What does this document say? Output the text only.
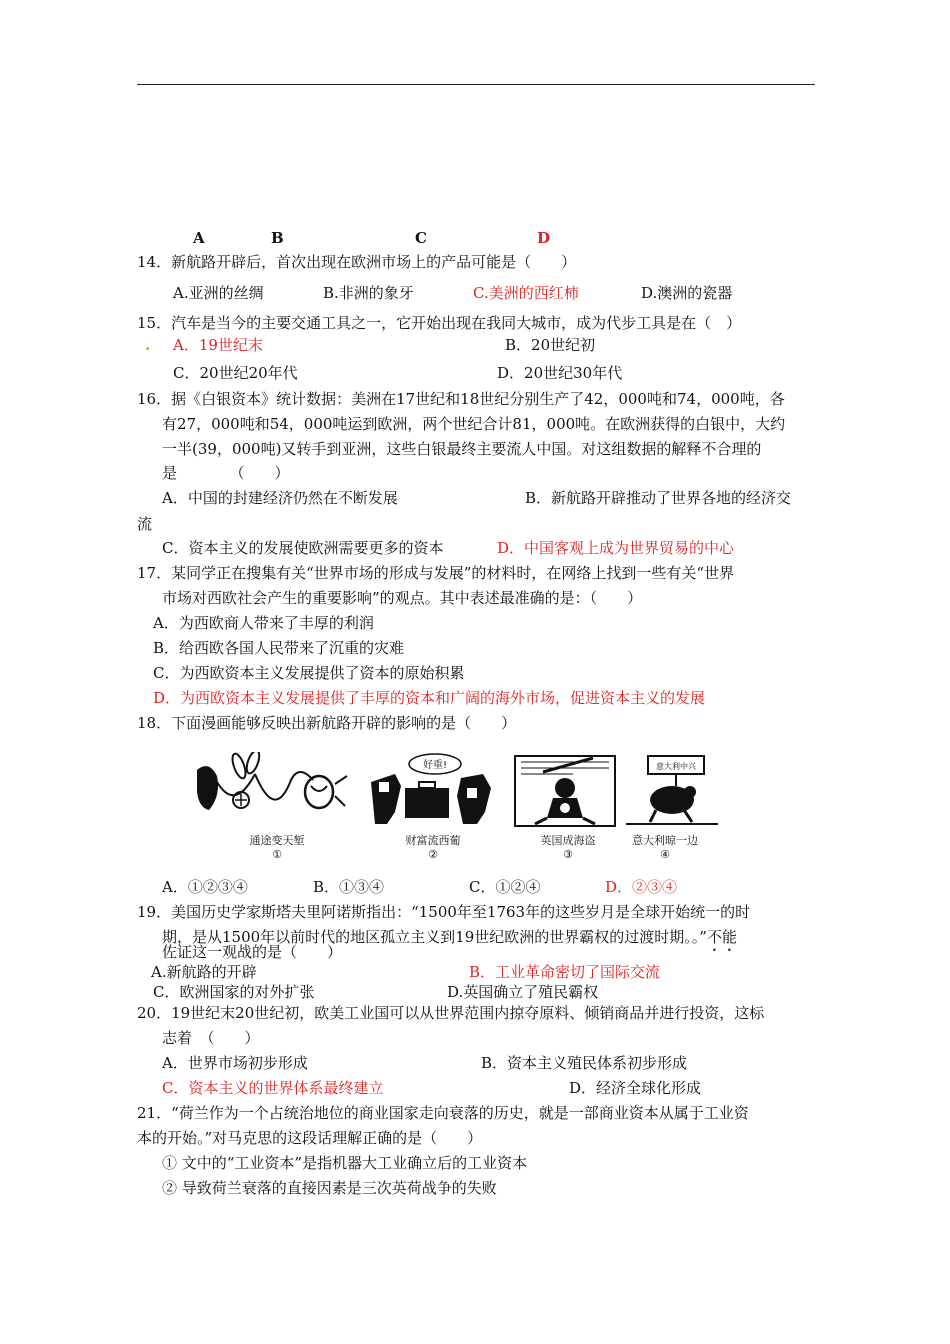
A	B	C	D
14．新航路开辟后，首次出现在欧洲市场上的产品可能是（　　）
A.亚洲的丝绸	B.非洲的象牙	C.美洲的西红柿	D.澳洲的瓷器
15．汽车是当今的主要交通工具之一，它开始出现在我同大城市，成为代步工具是在（　）
. A．19世纪末	B．20世纪初
C．20世纪20年代	D．20世纪30年代
16．据《白银资本》统计数据：美洲在17世纪和18世纪分别生产了42，000吨和74，000吨，各
有27，000吨和54，000吨运到欧洲，两个世纪合计81，000吨。在欧洲获得的白银中，大约
一半(39，000吨)又转手到亚洲，这些白银最终主要流人中国。对这组数据的解释不合理的
是　　　　（　　）
A．中国的封建经济仍然在不断发展	B．新航路开辟推动了世界各地的经济交
流
C．资本主义的发展使欧洲需要更多的资本	D．中国客观上成为世界贸易的中心
17．某同学正在搜集有关“世界市场的形成与发展”的材料时，在网络上找到一些有关“世界
市场对西欧社会产生的重要影响”的观点。其中表述最准确的是：（　　）
A．为西欧商人带来了丰厚的利润
B．给西欧各国人民带来了沉重的灾难
C．为西欧资本主义发展提供了资本的原始积累
D．为西欧资本主义发展提供了丰厚的资本和广阔的海外市场，促进资本主义的发展
18．下面漫画能够反映出新航路开辟的影响的是（　　）
好重!	意大利中兴
通途变天堑
①
财富流西葡
②
英国成海盗
③
意大利晾一边
④
A．①②③④	B．①③④	C．①②④	D．②③④
19．美国历史学家斯塔夫里阿诺斯指出：“1500年至1763年的这些岁月是全球开始统一的时
期，是从1500年以前时代的地区孤立主义到19世纪欧洲的世界霸权的过渡时期。。”不能
佐证这一观战的是（　　）
A.新航路的开辟	B．工业革命密切了国际交流
C．欧洲国家的对外扩张	D.英国确立了殖民霸权
20．19世纪末20世纪初，欧美工业国可以从世界范围内掠夺原料、倾销商品并进行投资，这标
志着　（　　）
A．世界市场初步形成	B．资本主义殖民体系初步形成
C．资本主义的世界体系最终建立	D．经济全球化形成
21．“荷兰作为一个占统治地位的商业国家走向衰落的历史，就是一部商业资本从属于工业资
本的开始。”对马克思的这段话理解正确的是（　　）
① 文中的“工业资本”是指机器大工业确立后的工业资本
② 导致荷兰衰落的直接因素是三次英荷战争的失败
